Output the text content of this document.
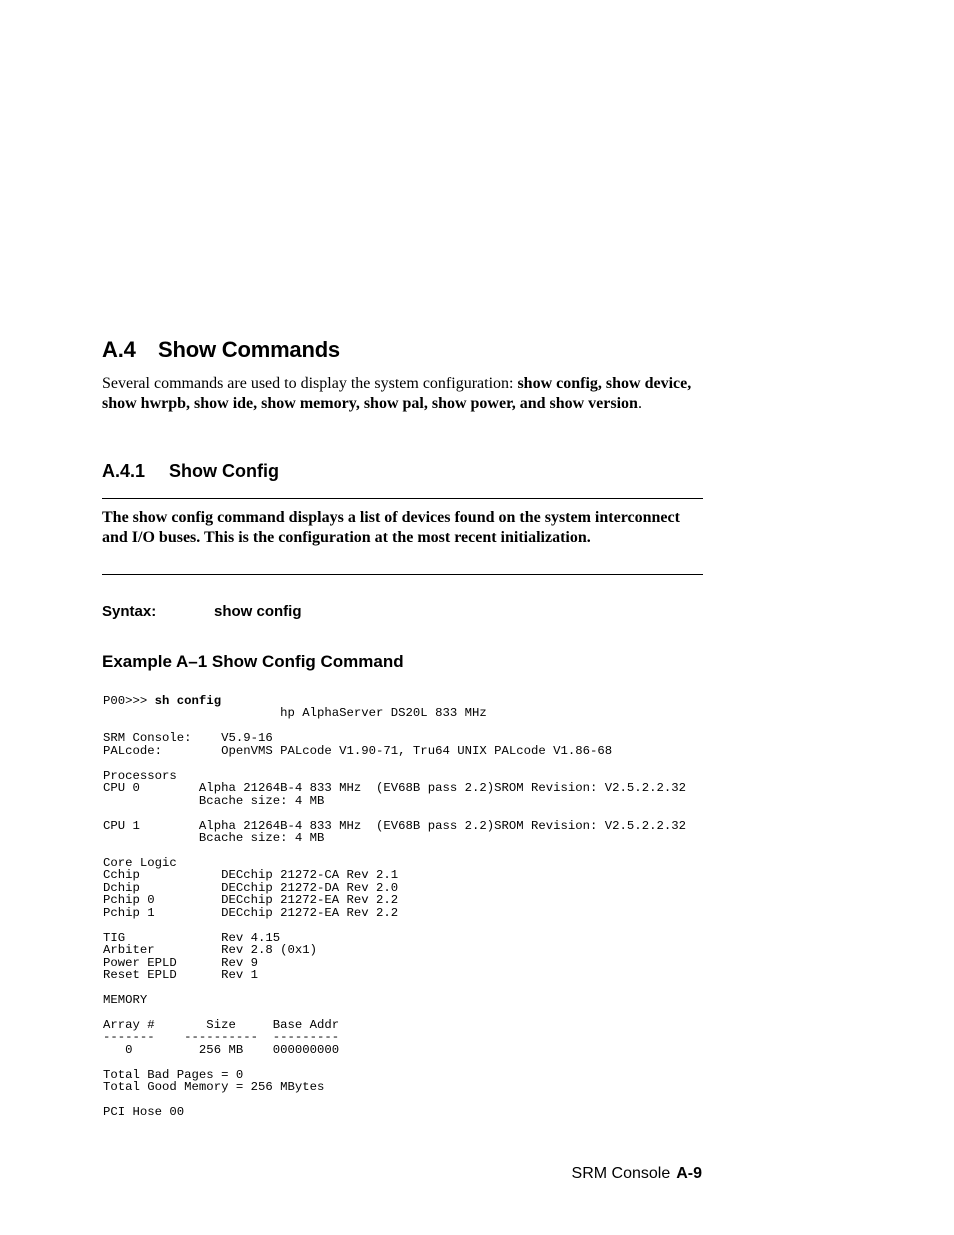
A.4 Show Commands
Several commands are used to display the system configuration: show config, show device, show hwrpb, show ide, show memory, show pal, show power, and show version.
A.4.1 Show Config
The show config command displays a list of devices found on the system interconnect and I/O buses. This is the configuration at the most recent initialization.
Syntax:	show config
Example A–1 Show Config Command
P00>>> sh config
hp AlphaServer DS20L 833 MHz

SRM Console:    V5.9-16
PALcode:        OpenVMS PALcode V1.90-71, Tru64 UNIX PALcode V1.86-68

Processors
CPU 0        Alpha 21264B-4 833 MHz  (EV68B pass 2.2)SROM Revision: V2.5.2.2.32
Bcache size: 4 MB

CPU 1        Alpha 21264B-4 833 MHz  (EV68B pass 2.2)SROM Revision: V2.5.2.2.32
Bcache size: 4 MB

Core Logic
Cchip           DECchip 21272-CA Rev 2.1
Dchip           DECchip 21272-DA Rev 2.0
Pchip 0         DECchip 21272-EA Rev 2.2
Pchip 1         DECchip 21272-EA Rev 2.2

TIG             Rev 4.15
Arbiter         Rev 2.8 (0x1)
Power EPLD      Rev 9
Reset EPLD      Rev 1

MEMORY

Array #       Size     Base Addr
-------    ----------  ---------
0         256 MB    000000000

Total Bad Pages = 0
Total Good Memory = 256 MBytes

PCI Hose 00
SRM Console A-9
